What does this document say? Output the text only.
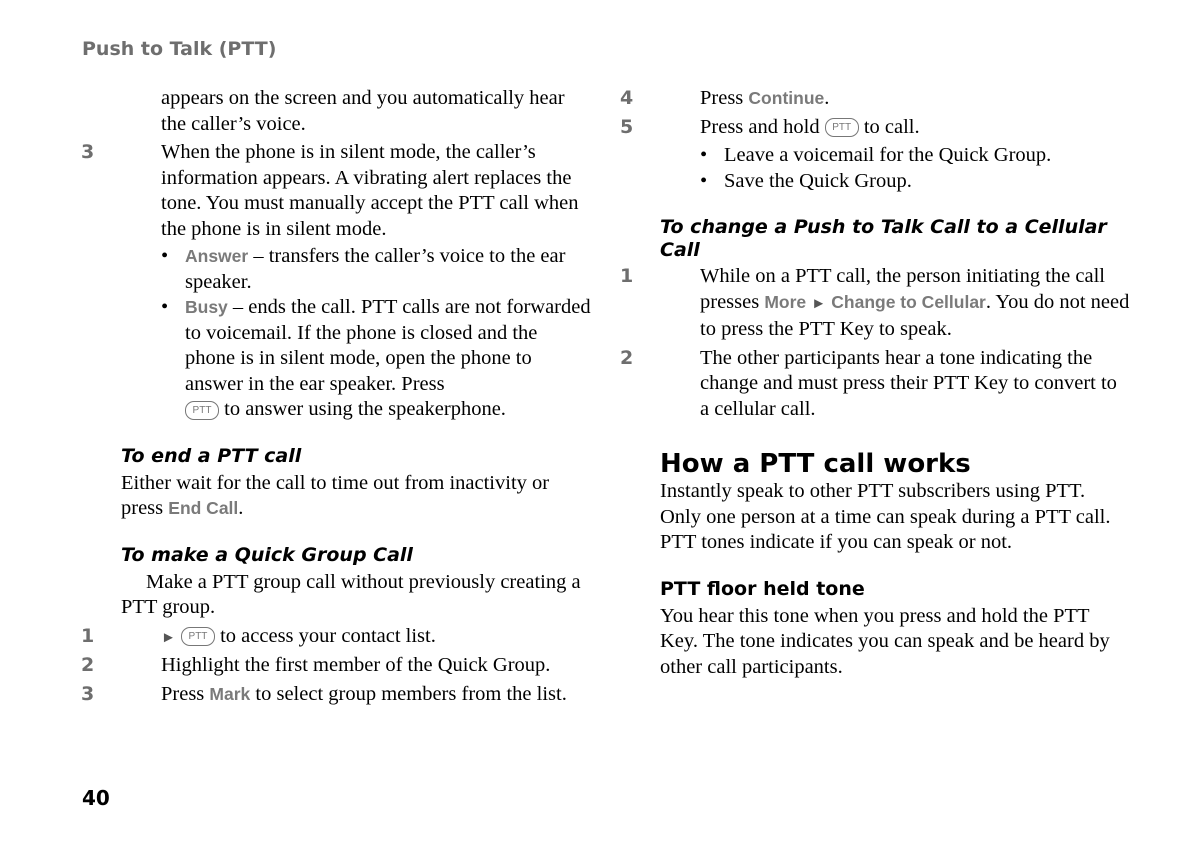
Push to Talk (PTT)

appears on the screen and you automatically hear the caller’s voice.

3	When the phone is in silent mode, the caller’s information appears. A vibrating alert replaces the tone. You must manually accept the PTT call when the phone is in silent mode.

• Answer – transfers the caller’s voice to the ear speaker.

• Busy – ends the call. PTT calls are not forwarded to voicemail. If the phone is closed and the phone is in silent mode, open the phone to answer in the ear speaker. Press
PTT to answer using the speakerphone.

To end a PTT call

Either wait for the call to time out from inactivity or press End Call.

To make a Quick Group Call

Make a PTT group call without previously creating a PTT group.

1	► PTT to access your contact list.

2	Highlight the first member of the Quick Group.

3	Press Mark to select group members from the list.

4	Press Continue.

5	Press and hold PTT to call.

• Leave a voicemail for the Quick Group.

• Save the Quick Group.

To change a Push to Talk Call to a Cellular Call

1	While on a PTT call, the person initiating the call presses More ► Change to Cellular. You do not need to press the PTT Key to speak.

2	The other participants hear a tone indicating the change and must press their PTT Key to convert to a cellular call.

How a PTT call works

Instantly speak to other PTT subscribers using PTT. Only one person at a time can speak during a PTT call. PTT tones indicate if you can speak or not.

PTT floor held tone

You hear this tone when you press and hold the PTT Key. The tone indicates you can speak and be heard by other call participants.

40
